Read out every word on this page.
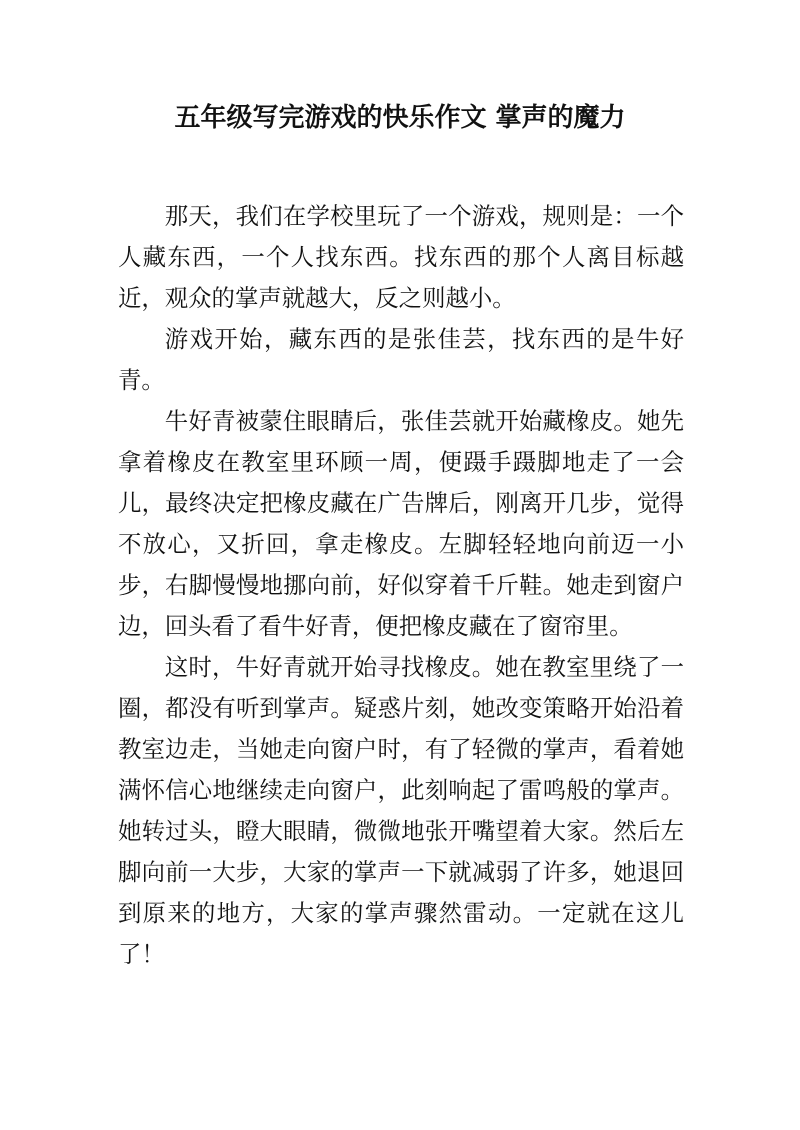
五年级写完游戏的快乐作文 掌声的魔力

那天，我们在学校里玩了一个游戏，规则是：一个人藏东西，一个人找东西。找东西的那个人离目标越近，观众的掌声就越大，反之则越小。

游戏开始，藏东西的是张佳芸，找东西的是牛好青。

牛好青被蒙住眼睛后，张佳芸就开始藏橡皮。她先拿着橡皮在教室里环顾一周，便蹑手蹑脚地走了一会儿，最终决定把橡皮藏在广告牌后，刚离开几步，觉得不放心，又折回，拿走橡皮。左脚轻轻地向前迈一小步，右脚慢慢地挪向前，好似穿着千斤鞋。她走到窗户边，回头看了看牛好青，便把橡皮藏在了窗帘里。

这时，牛好青就开始寻找橡皮。她在教室里绕了一圈，都没有听到掌声。疑惑片刻，她改变策略开始沿着教室边走，当她走向窗户时，有了轻微的掌声，看着她满怀信心地继续走向窗户，此刻响起了雷鸣般的掌声。她转过头，瞪大眼睛，微微地张开嘴望着大家。然后左脚向前一大步，大家的掌声一下就减弱了许多，她退回到原来的地方，大家的掌声骤然雷动。一定就在这儿了！
